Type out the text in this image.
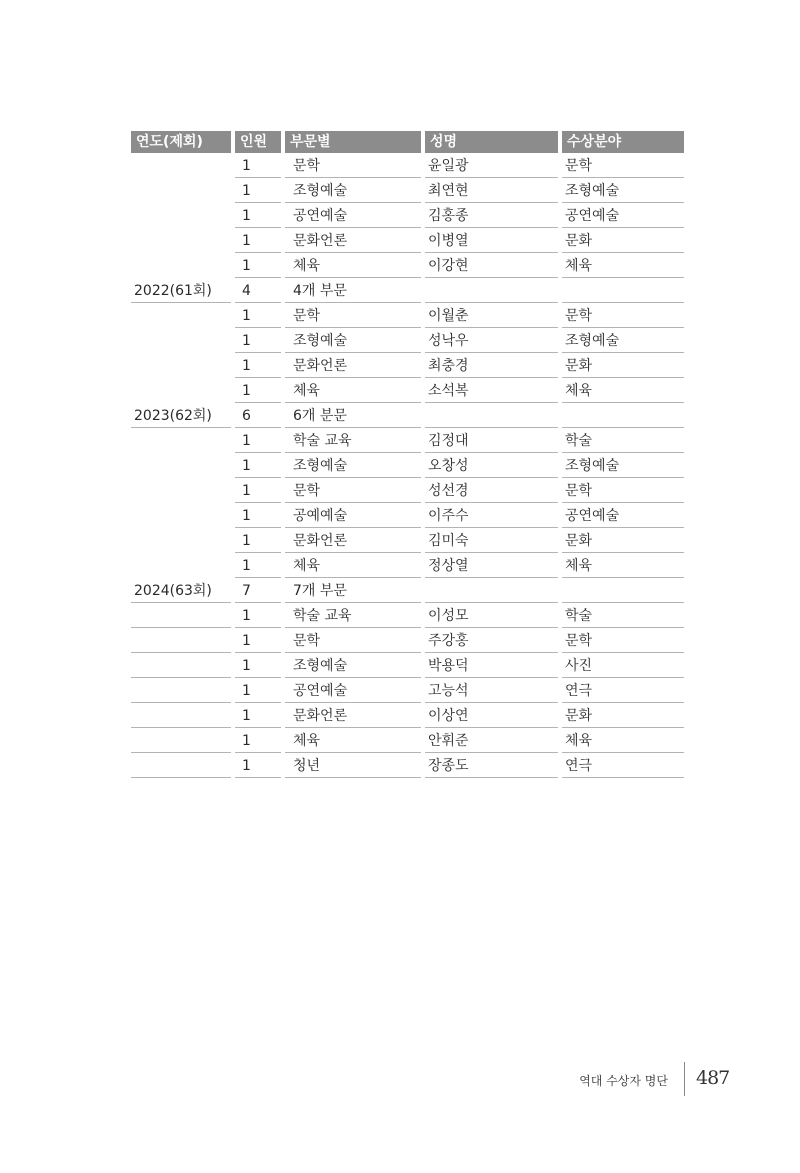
연도(제회)	인원	부문별	성명	수상분야
	1	문학	윤일광	문학
	1	조형예술	최연현	조형예술
	1	공연예술	김홍종	공연예술
	1	문화언론	이병열	문화
	1	체육	이강현	체육
2022(61회)	4	4개 부문		
	1	문학	이월춘	문학
	1	조형예술	성낙우	조형예술
	1	문화언론	최충경	문화
	1	체육	소석복	체육
2023(62회)	6	6개 분문		
	1	학술 교육	김정대	학술
	1	조형예술	오창성	조형예술
	1	문학	성선경	문학
	1	공예예술	이주수	공연예술
	1	문화언론	김미숙	문화
	1	체육	정상열	체육
2024(63회)	7	7개 부문		
	1	학술 교육	이성모	학술
	1	문학	주강홍	문학
	1	조형예술	박용덕	사진
	1	공연예술	고능석	연극
	1	문화언론	이상연	문화
	1	체육	안휘준	체육
	1	청년	장종도	연극
역대 수상자 명단 487
